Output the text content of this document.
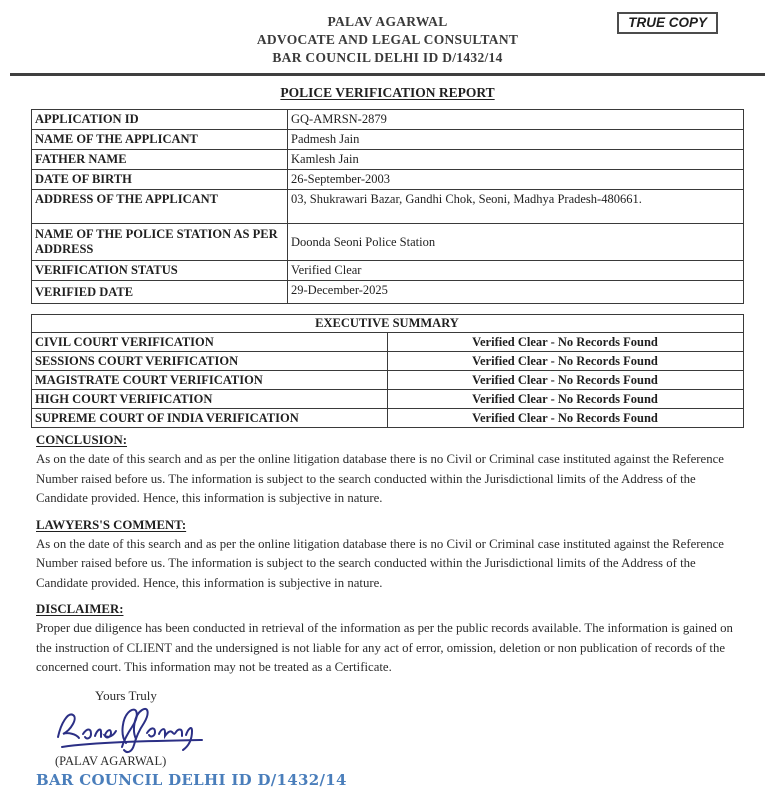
PALAV AGARWAL
ADVOCATE AND LEGAL CONSULTANT
BAR COUNCIL DELHI ID D/1432/14
TRUE COPY
POLICE VERIFICATION REPORT
APPLICATION ID	GQ-AMRSN-2879
NAME OF THE APPLICANT	Padmesh Jain
FATHER NAME	Kamlesh Jain
DATE OF BIRTH	26-September-2003
ADDRESS OF THE APPLICANT	03, Shukrawari Bazar, Gandhi Chok, Seoni, Madhya Pradesh-480661.
NAME OF THE POLICE STATION AS PER ADDRESS	Doonda Seoni Police Station
VERIFICATION STATUS	Verified Clear
VERIFIED DATE	29-December-2025
EXECUTIVE SUMMARY	
CIVIL COURT VERIFICATION	Verified Clear - No Records Found
SESSIONS COURT VERIFICATION	Verified Clear - No Records Found
MAGISTRATE COURT VERIFICATION	Verified Clear - No Records Found
HIGH COURT VERIFICATION	Verified Clear - No Records Found
SUPREME COURT OF INDIA VERIFICATION	Verified Clear - No Records Found
CONCLUSION:
As on the date of this search and as per the online litigation database there is no Civil or Criminal case instituted against the Reference Number raised before us. The information is subject to the search conducted within the Jurisdictional limits of the Address of the Candidate provided. Hence, this information is subjective in nature.
LAWYERS'S COMMENT:
As on the date of this search and as per the online litigation database there is no Civil or Criminal case instituted against the Reference Number raised before us. The information is subject to the search conducted within the Jurisdictional limits of the Address of the Candidate provided. Hence, this information is subjective in nature.
DISCLAIMER:
Proper due diligence has been conducted in retrieval of the information as per the public records available. The information is gained on the instruction of CLIENT and the undersigned is not liable for any act of error, omission, deletion or non publication of records of the concerned court. This information may not be treated as a Certificate.
Yours Truly
(PALAV AGARWAL)
BAR COUNCIL DELHI ID D/1432/14
